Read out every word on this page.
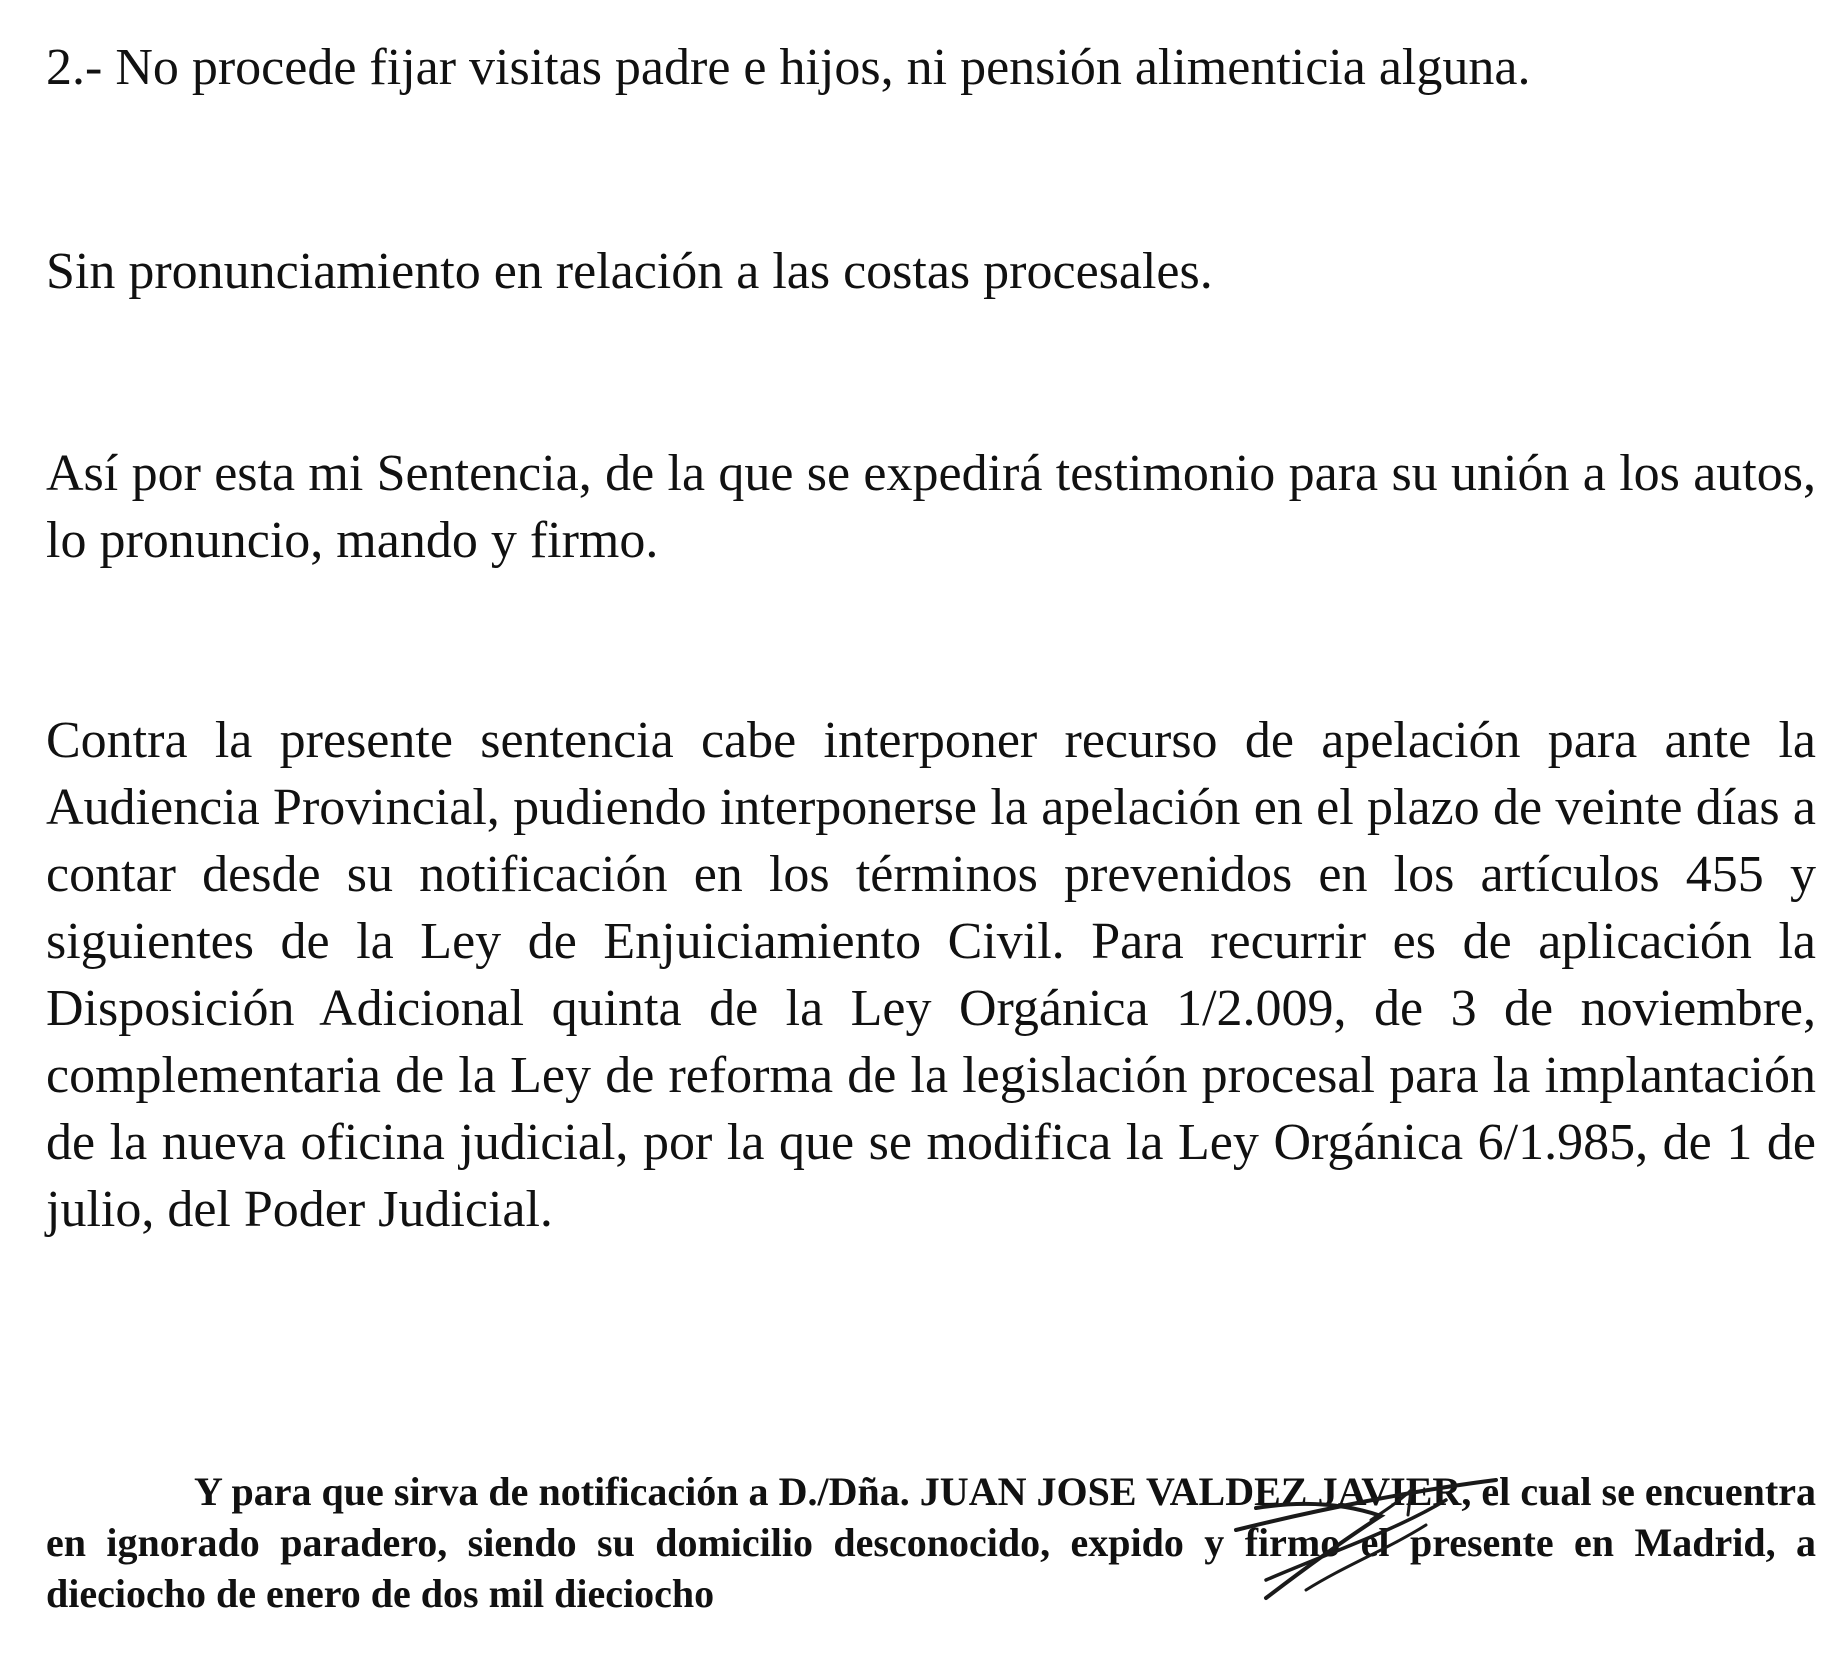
2.- No procede fijar visitas padre e hijos, ni pensión alimenticia alguna.

Sin pronunciamiento en relación a las costas procesales.

Así por esta mi Sentencia, de la que se expedirá testimonio para su unión a los autos, lo pronuncio, mando y firmo.

Contra la presente sentencia cabe interponer recurso de apelación para ante la Audiencia Provincial, pudiendo interponerse la apelación en el plazo de veinte días a contar desde su notificación en los términos prevenidos en los artículos 455 y siguientes de la Ley de Enjuiciamiento Civil. Para recurrir es de aplicación la Disposición Adicional quinta de la Ley Orgánica 1/2.009, de 3 de noviembre, complementaria de la Ley de reforma de la legislación procesal para la implantación de la nueva oficina judicial, por la que se modifica la Ley Orgánica 6/1.985, de 1 de julio, del Poder Judicial.

Y para que sirva de notificación a D./Dña. JUAN JOSE VALDEZ JAVIER, el cual se encuentra en ignorado paradero, siendo su domicilio desconocido, expido y firmo el presente en Madrid, a dieciocho de enero de dos mil dieciocho
